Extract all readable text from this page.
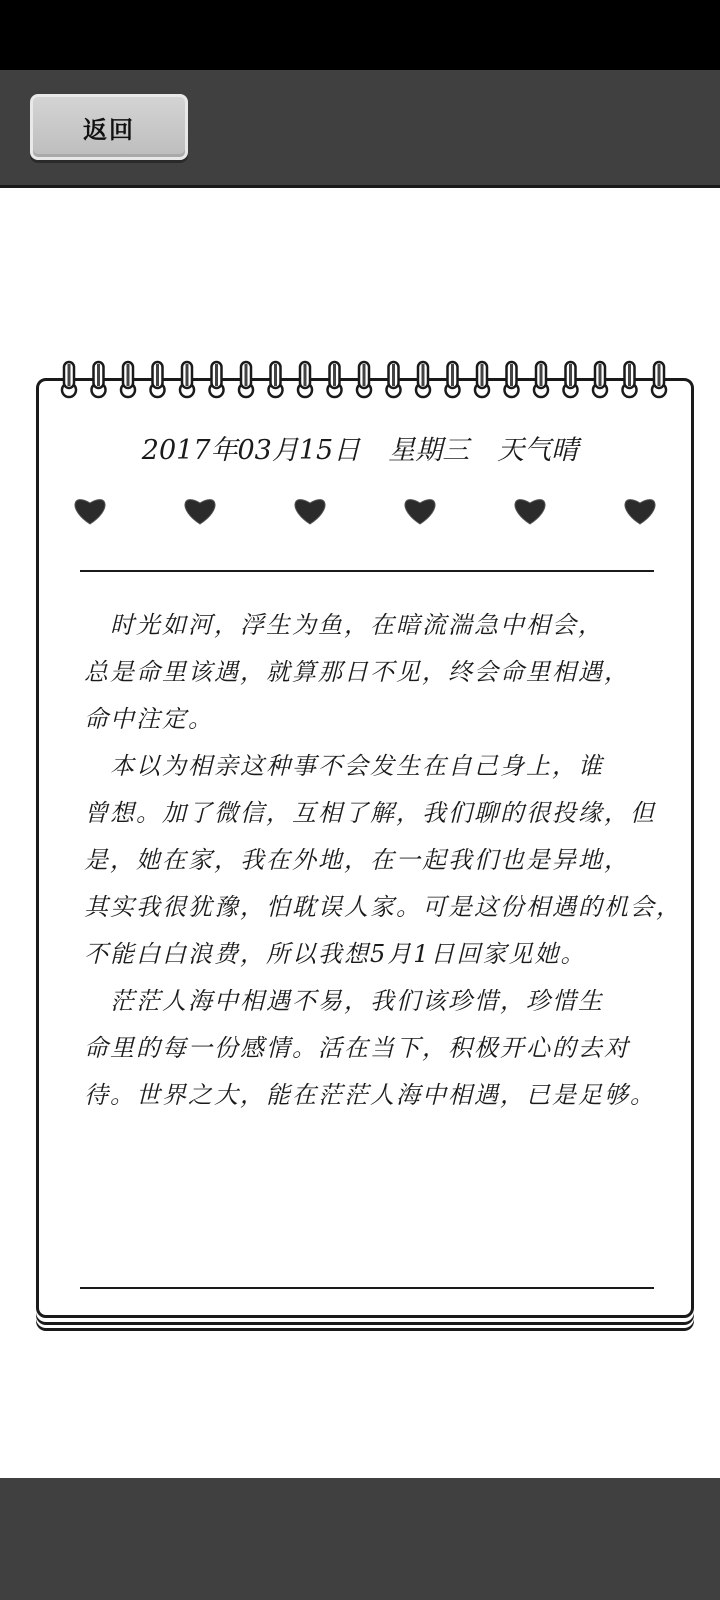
返回
2017年03月15日 星期三 天气晴
时光如河，浮生为鱼，在暗流湍急中相会，
总是命里该遇，就算那日不见，终会命里相遇，
命中注定。
本以为相亲这种事不会发生在自己身上，谁
曾想。加了微信，互相了解，我们聊的很投缘，但
是，她在家，我在外地，在一起我们也是异地，
其实我很犹豫，怕耽误人家。可是这份相遇的机会，
不能白白浪费，所以我想5月1日回家见她。
茫茫人海中相遇不易，我们该珍惜，珍惜生
命里的每一份感情。活在当下，积极开心的去对
待。世界之大，能在茫茫人海中相遇，已是足够。
